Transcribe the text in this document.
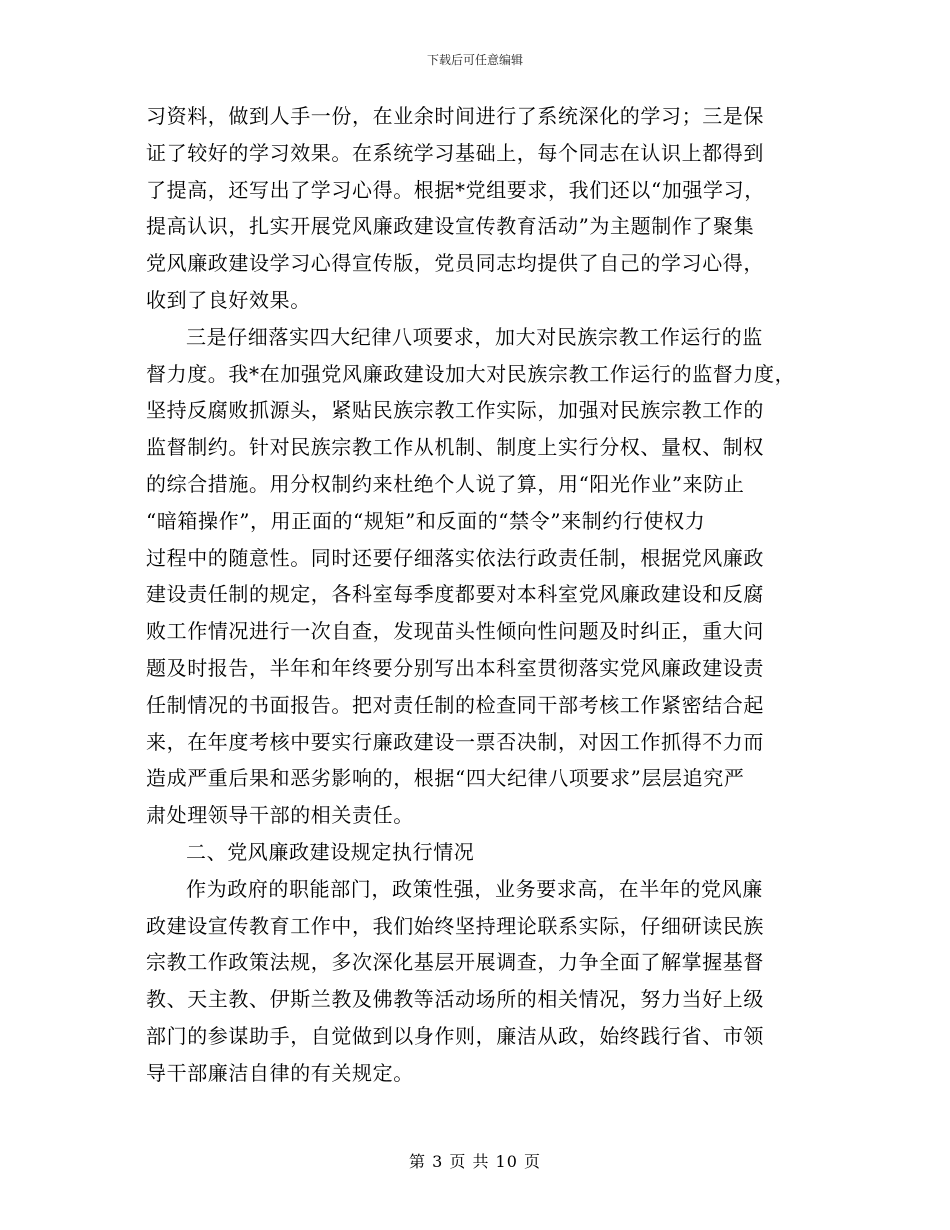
下载后可任意编辑
习资料，做到人手一份，在业余时间进行了系统深化的学习；三是保
证了较好的学习效果。在系统学习基础上，每个同志在认识上都得到
了提高，还写出了学习心得。根据*党组要求，我们还以“加强学习，
提高认识，扎实开展党风廉政建设宣传教育活动”为主题制作了聚集
党风廉政建设学习心得宣传版，党员同志均提供了自己的学习心得，
收到了良好效果。
三是仔细落实四大纪律八项要求，加大对民族宗教工作运行的监
督力度。我*在加强党风廉政建设加大对民族宗教工作运行的监督力度，
坚持反腐败抓源头，紧贴民族宗教工作实际，加强对民族宗教工作的
监督制约。针对民族宗教工作从机制、制度上实行分权、量权、制权
的综合措施。用分权制约来杜绝个人说了算，用“阳光作业”来防止
“暗箱操作”，用正面的“规矩”和反面的“禁令”来制约行使权力
过程中的随意性。同时还要仔细落实依法行政责任制，根据党风廉政
建设责任制的规定，各科室每季度都要对本科室党风廉政建设和反腐
败工作情况进行一次自查，发现苗头性倾向性问题及时纠正，重大问
题及时报告，半年和年终要分别写出本科室贯彻落实党风廉政建设责
任制情况的书面报告。把对责任制的检查同干部考核工作紧密结合起
来，在年度考核中要实行廉政建设一票否决制，对因工作抓得不力而
造成严重后果和恶劣影响的，根据“四大纪律八项要求”层层追究严
肃处理领导干部的相关责任。
二、党风廉政建设规定执行情况
作为政府的职能部门，政策性强，业务要求高，在半年的党风廉
政建设宣传教育工作中，我们始终坚持理论联系实际，仔细研读民族
宗教工作政策法规，多次深化基层开展调查，力争全面了解掌握基督
教、天主教、伊斯兰教及佛教等活动场所的相关情况，努力当好上级
部门的参谋助手，自觉做到以身作则，廉洁从政，始终践行省、市领
导干部廉洁自律的有关规定。
第 3 页 共 10 页
